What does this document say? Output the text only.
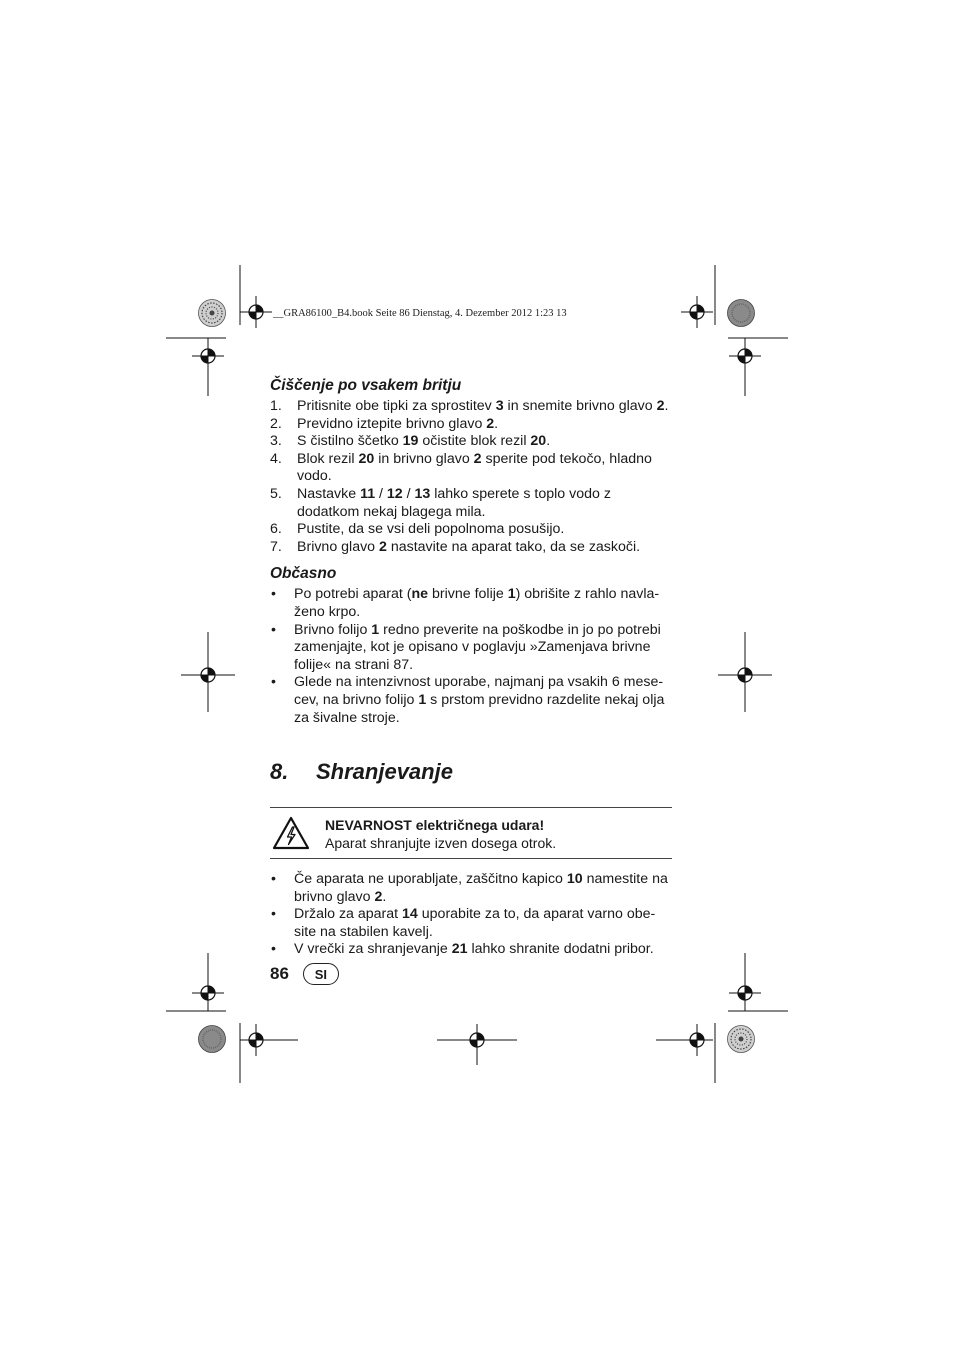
__GRA86100_B4.book Seite 86 Dienstag, 4. Dezember 2012 1:23 13
Čiščenje po vsakem britju
1.	Pritisnite obe tipki za sprostitev 3 in snemite brivno glavo 2.
2.	Previdno iztepite brivno glavo 2.
3.	S čistilno ščetko 19 očistite blok rezil 20.
4.	Blok rezil 20 in brivno glavo 2 sperite pod tekočo, hladno vodo.
5.	Nastavke 11 / 12 / 13 lahko sperete s toplo vodo z dodatkom nekaj blagega mila.
6.	Pustite, da se vsi deli popolnoma posušijo.
7.	Brivno glavo 2 nastavite na aparat tako, da se zaskoči.
Občasno
•	Po potrebi aparat (ne brivne folije 1) obrišite z rahlo navlaženo krpo.
•	Brivno folijo 1 redno preverite na poškodbe in jo po potrebi zamenjajte, kot je opisano v poglavju »Zamenjava brivne folije« na strani 87.
•	Glede na intenzivnost uporabe, najmanj pa vsakih 6 mesecev, na brivno folijo 1 s prstom previdno razdelite nekaj olja za šivalne stroje.
8.	Shranjevanje
NEVARNOST električnega udara!
Aparat shranjujte izven dosega otrok.
•	Če aparata ne uporabljate, zaščitno kapico 10 namestite na brivno glavo 2.
•	Držalo za aparat 14 uporabite za to, da aparat varno obesite na stabilen kavelj.
•	V vrečki za shranjevanje 21 lahko shranite dodatni pribor.
86	SI
